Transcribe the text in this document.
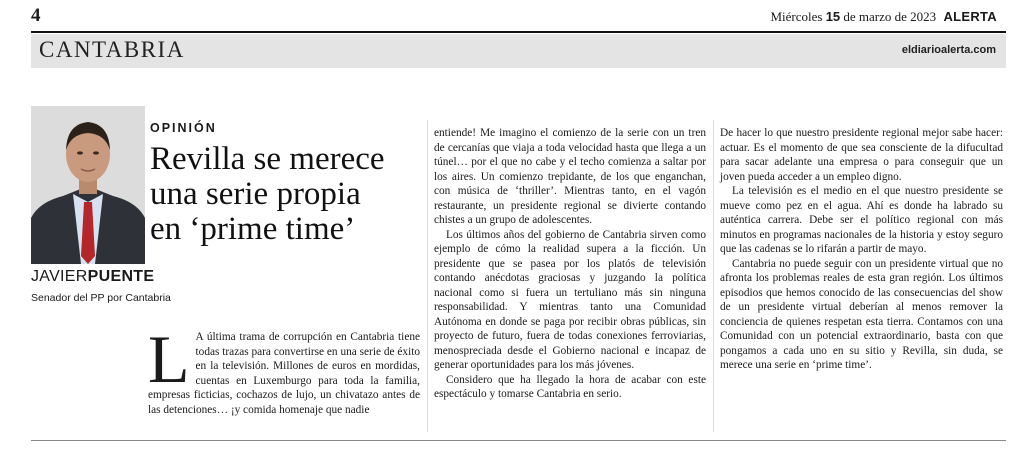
4	Miércoles 15 de marzo de 2023 ALERTA
CANTABRIA	eldiarioalerta.com
JAVIERPUENTE
Senador del PP por Cantabria
OPINIÓN
Revilla se merece
una serie propia
en ‘prime time’

L A última trama de corrupción en Cantabria tiene todas trazas para convertirse en una serie de éxito en la televisión. Millones de euros en mordidas, cuentas en Luxemburgo para toda la familia, empresas ficticias, cochazos de lujo, un chivatazo antes de las detenciones… ¡y comida homenaje que nadie

entiende! Me imagino el comienzo de la serie con un tren de cercanías que viaja a toda velocidad hasta que llega a un túnel… por el que no cabe y el techo comienza a saltar por los aires. Un comienzo trepidante, de los que enganchan, con música de ‘thriller’. Mientras tanto, en el vagón restaurante, un presidente regional se divierte contando chistes a un grupo de adolescentes.

Los últimos años del gobierno de Cantabria sirven como ejemplo de cómo la realidad supera a la ficción. Un presidente que se pasea por los platós de televisión contando anécdotas graciosas y juzgando la política nacional como si fuera un tertuliano más sin ninguna responsabilidad. Y mientras tanto una Comunidad Autónoma en donde se paga por recibir obras públicas, sin proyecto de futuro, fuera de todas conexiones ferroviarias, menospreciada desde el Gobierno nacional e incapaz de generar oportunidades para los más jóvenes.

Considero que ha llegado la hora de acabar con este espectáculo y tomarse Cantabria en serio.

De hacer lo que nuestro presidente regional mejor sabe hacer: actuar. Es el momento de que sea consciente de la difucultad para sacar adelante una empresa o para conseguir que un joven pueda acceder a un empleo digno.

La televisión es el medio en el que nuestro presidente se mueve como pez en el agua. Ahí es donde ha labrado su auténtica carrera. Debe ser el político regional con más minutos en programas nacionales de la historia y estoy seguro que las cadenas se lo rifarán a partir de mayo.

Cantabria no puede seguir con un presidente virtual que no afronta los problemas reales de esta gran región. Los últimos episodios que hemos conocido de las consecuencias del show de un presidente virtual deberían al menos remover la conciencia de quienes respetan esta tierra. Contamos con una Comunidad con un potencial extraordinario, basta con que pongamos a cada uno en su sitio y Revilla, sin duda, se merece una serie en ‘prime time’.
